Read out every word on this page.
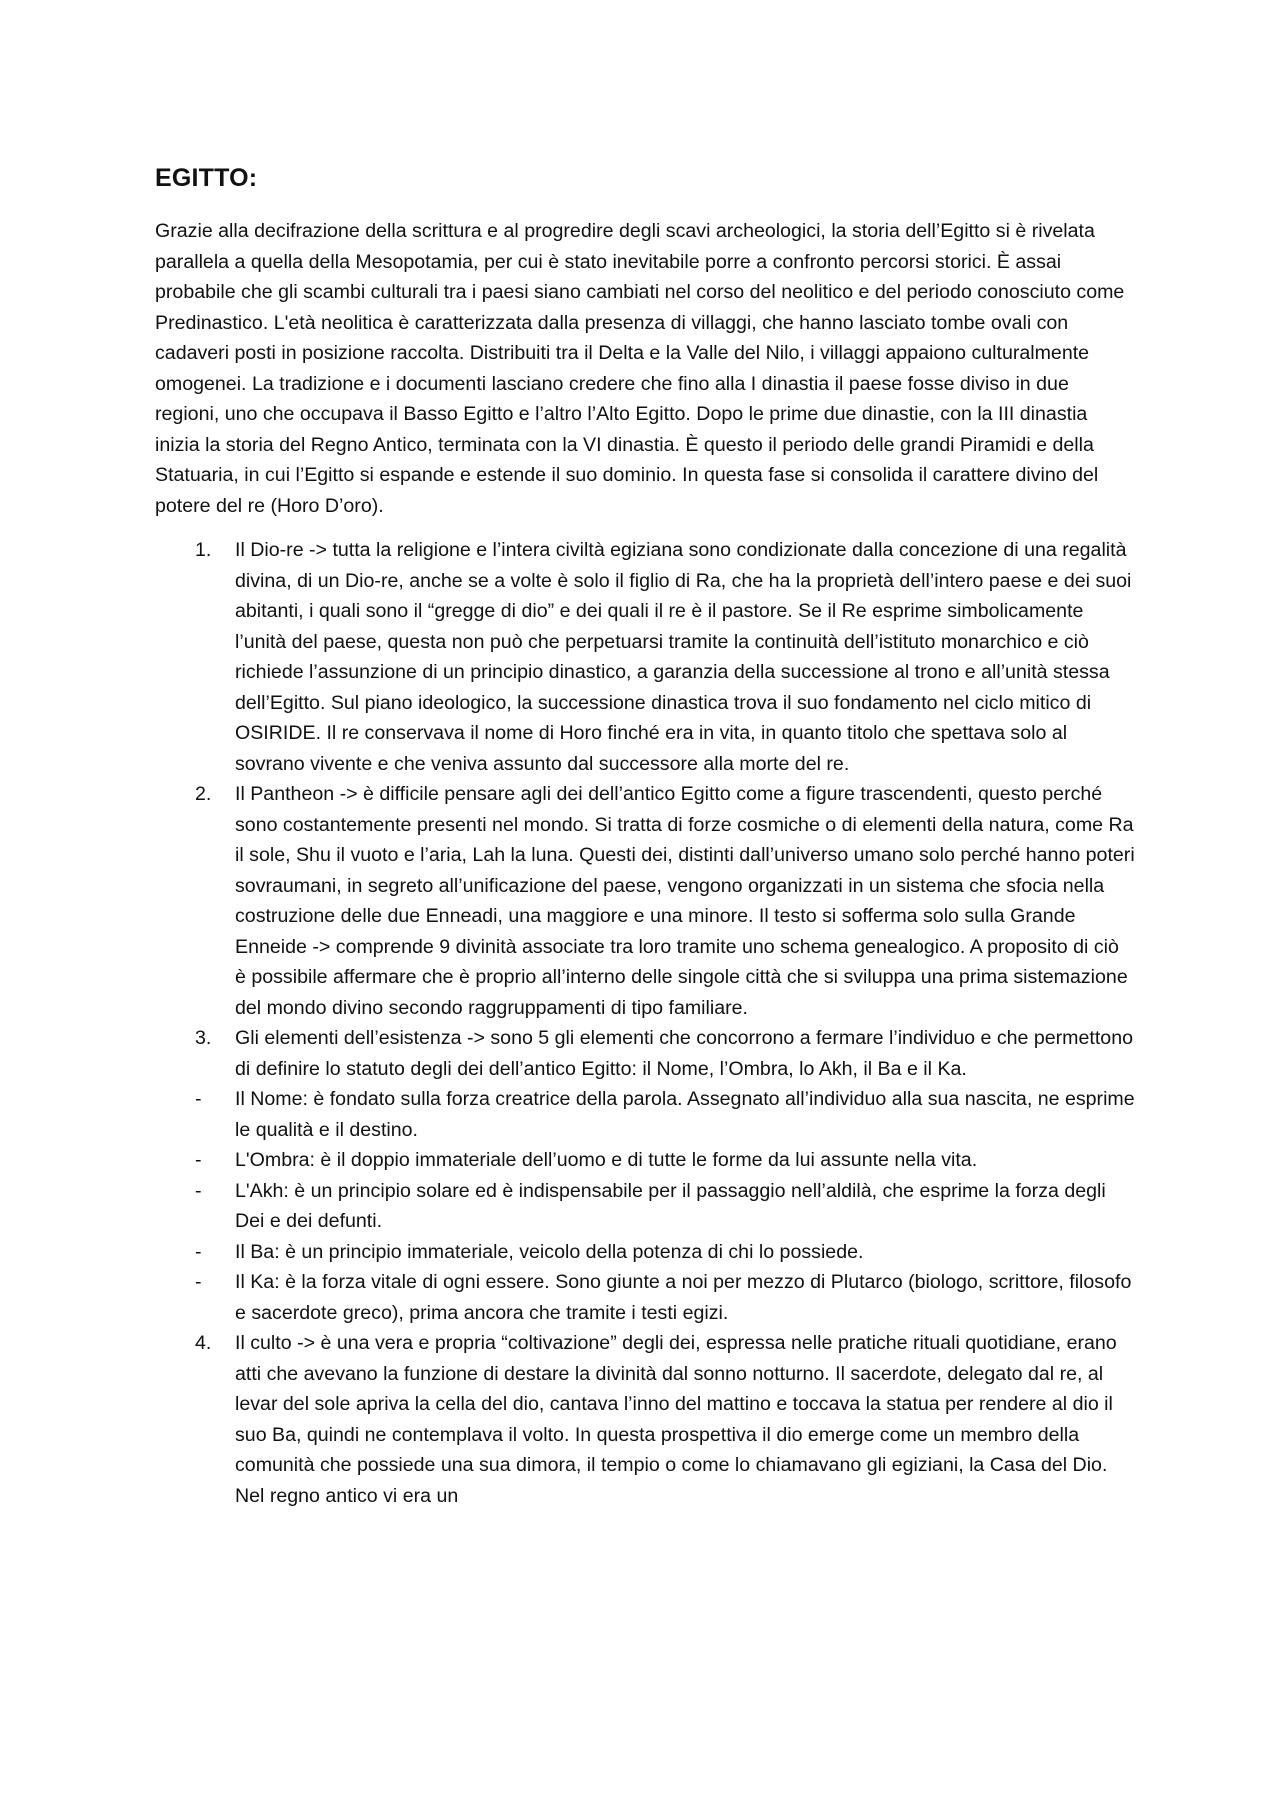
EGITTO:

Grazie alla decifrazione della scrittura e al progredire degli scavi archeologici, la storia dell’Egitto si è rivelata parallela a quella della Mesopotamia, per cui è stato inevitabile porre a confronto percorsi storici. È assai probabile che gli scambi culturali tra i paesi siano cambiati nel corso del neolitico e del periodo conosciuto come Predinastico. L'età neolitica è caratterizzata dalla presenza di villaggi, che hanno lasciato tombe ovali con cadaveri posti in posizione raccolta. Distribuiti tra il Delta e la Valle del Nilo, i villaggi appaiono culturalmente omogenei. La tradizione e i documenti lasciano credere che fino alla I dinastia il paese fosse diviso in due regioni, uno che occupava il Basso Egitto e l’altro l’Alto Egitto. Dopo le prime due dinastie, con la III dinastia inizia la storia del Regno Antico, terminata con la VI dinastia. È questo il periodo delle grandi Piramidi e della Statuaria, in cui l’Egitto si espande e estende il suo dominio. In questa fase si consolida il carattere divino del potere del re (Horo D’oro).

1.	Il Dio-re -> tutta la religione e l’intera civiltà egiziana sono condizionate dalla concezione di una regalità divina, di un Dio-re, anche se a volte è solo il figlio di Ra, che ha la proprietà dell’intero paese e dei suoi abitanti, i quali sono il “gregge di dio” e dei quali il re è il pastore. Se il Re esprime simbolicamente l’unità del paese, questa non può che perpetuarsi tramite la continuità dell’istituto monarchico e ciò richiede l’assunzione di un principio dinastico, a garanzia della successione al trono e all’unità stessa dell’Egitto. Sul piano ideologico, la successione dinastica trova il suo fondamento nel ciclo mitico di OSIRIDE. Il re conservava il nome di Horo finché era in vita, in quanto titolo che spettava solo al sovrano vivente e che veniva assunto dal successore alla morte del re.
2.	Il Pantheon -> è difficile pensare agli dei dell’antico Egitto come a figure trascendenti, questo perché sono costantemente presenti nel mondo. Si tratta di forze cosmiche o di elementi della natura, come Ra il sole, Shu il vuoto e l’aria, Lah la luna. Questi dei, distinti dall’universo umano solo perché hanno poteri sovraumani, in segreto all’unificazione del paese, vengono organizzati in un sistema che sfocia nella costruzione delle due Enneadi, una maggiore e una minore. Il testo si sofferma solo sulla Grande Enneide -> comprende 9 divinità associate tra loro tramite uno schema genealogico. A proposito di ciò è possibile affermare che è proprio all’interno delle singole città che si sviluppa una prima sistemazione del mondo divino secondo raggruppamenti di tipo familiare.
3.	Gli elementi dell’esistenza -> sono 5 gli elementi che concorrono a fermare l’individuo e che permettono di definire lo statuto degli dei dell’antico Egitto: il Nome, l’Ombra, lo Akh, il Ba e il Ka.
-	Il Nome: è fondato sulla forza creatrice della parola. Assegnato all’individuo alla sua nascita, ne esprime le qualità e il destino.
-	L'Ombra: è il doppio immateriale dell’uomo e di tutte le forme da lui assunte nella vita.
-	L'Akh: è un principio solare ed è indispensabile per il passaggio nell’aldilà, che esprime la forza degli Dei e dei defunti.
-	Il Ba: è un principio immateriale, veicolo della potenza di chi lo possiede.
-	Il Ka: è la forza vitale di ogni essere. Sono giunte a noi per mezzo di Plutarco (biologo, scrittore, filosofo e sacerdote greco), prima ancora che tramite i testi egizi.
4.	Il culto -> è una vera e propria “coltivazione” degli dei, espressa nelle pratiche rituali quotidiane, erano atti che avevano la funzione di destare la divinità dal sonno notturno. Il sacerdote, delegato dal re, al levar del sole apriva la cella del dio, cantava l’inno del mattino e toccava la statua per rendere al dio il suo Ba, quindi ne contemplava il volto. In questa prospettiva il dio emerge come un membro della comunità che possiede una sua dimora, il tempio o come lo chiamavano gli egiziani, la Casa del Dio. Nel regno antico vi era un
